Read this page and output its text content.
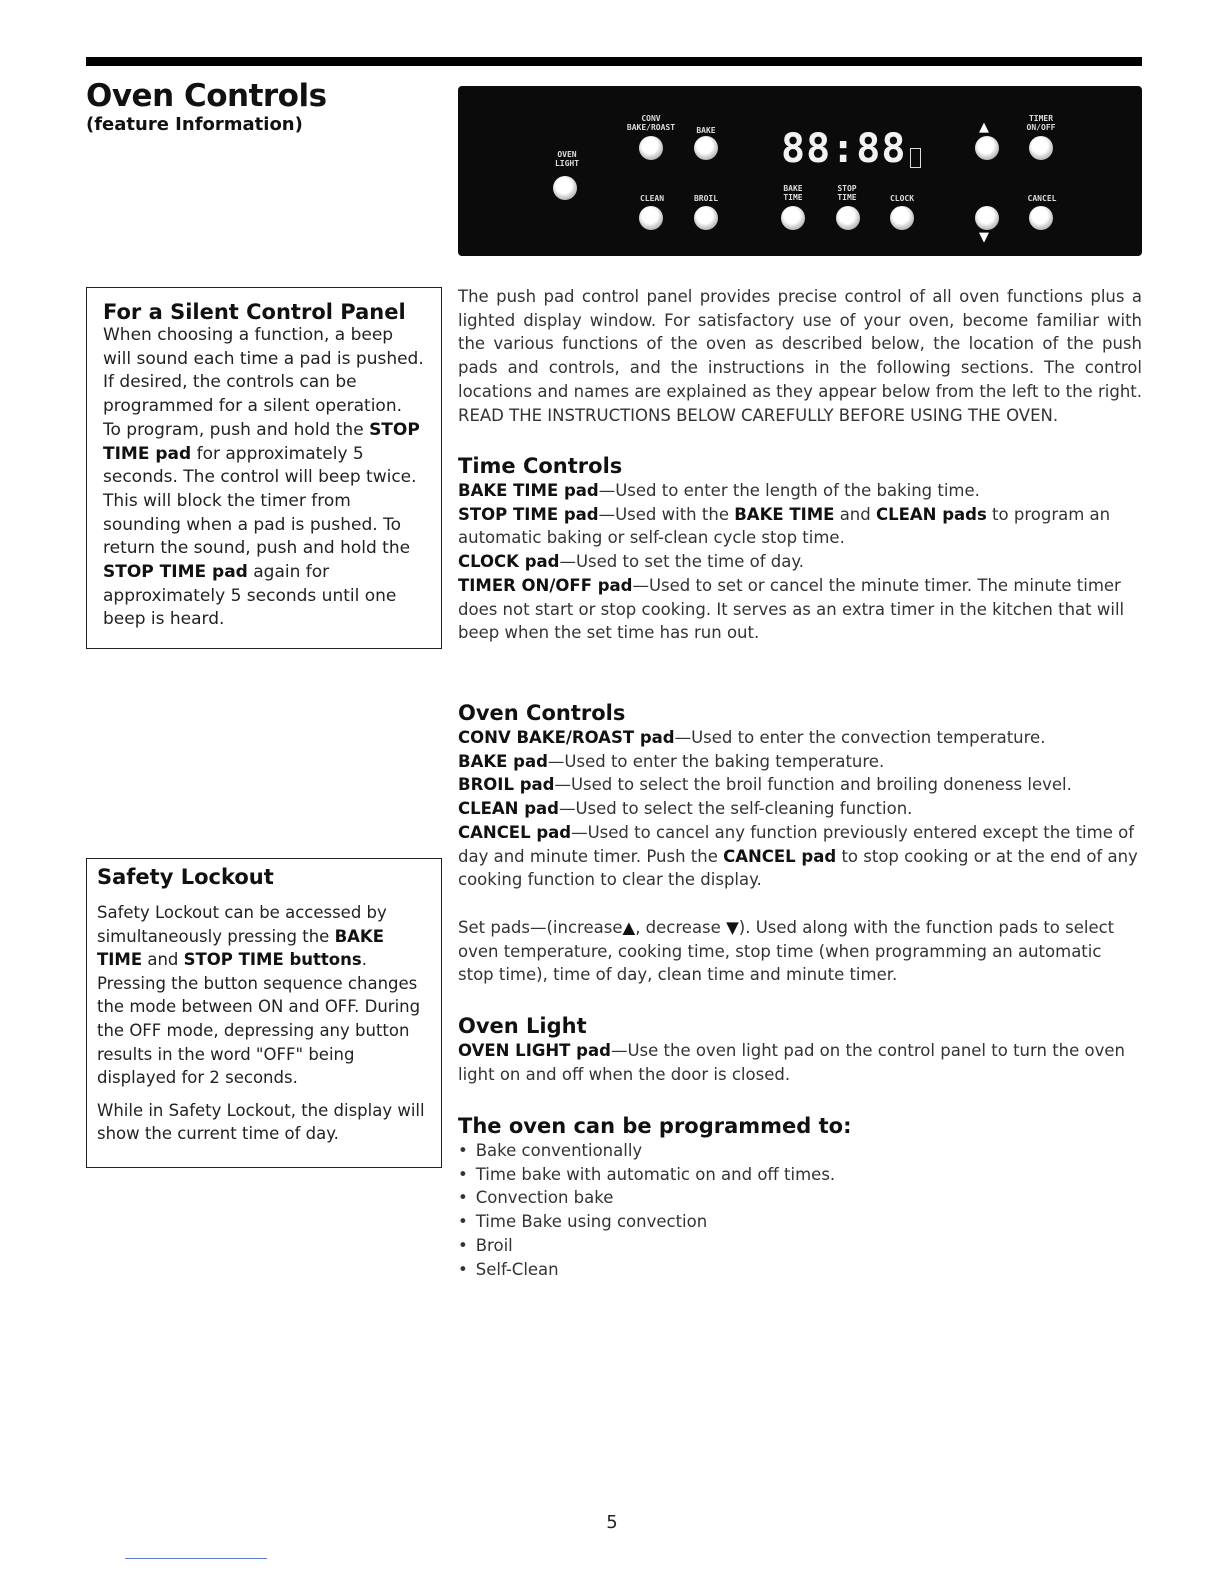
Oven Controls
(feature Information)
OVEN
LIGHT
CONV
BAKE/ROAST	BAKE
CLEAN	BROIL
88:88
BAKE
TIME
STOP
TIME	CLOCK
▲
▼
TIMER
ON/OFF
CANCEL
For a Silent Control Panel

When choosing a function, a beep will sound each time a pad is pushed. If desired, the controls can be programmed for a silent operation. To program, push and hold the STOP TIME pad for approximately 5 seconds. The control will beep twice. This will block the timer from sounding when a pad is pushed. To return the sound, push and hold the STOP TIME pad again for approximately 5 seconds until one beep is heard.

Safety Lockout

Safety Lockout can be accessed by simultaneously pressing the BAKE TIME and STOP TIME buttons. Pressing the button sequence changes the mode between ON and OFF. During the OFF mode, depressing any button results in the word "OFF" being displayed for 2 seconds.

While in Safety Lockout, the display will show the current time of day.

The push pad control panel provides precise control of all oven functions plus a lighted display window. For satisfactory use of your oven, become familiar with the various functions of the oven as described below, the location of the push pads and controls, and the instructions in the following sections. The control locations and names are explained as they appear below from the left to the right. READ THE INSTRUCTIONS BELOW CAREFULLY BEFORE USING THE OVEN.

Time Controls

BAKE TIME pad—Used to enter the length of the baking time.

STOP TIME pad—Used with the BAKE TIME and CLEAN pads to program an automatic baking or self-clean cycle stop time.

CLOCK pad—Used to set the time of day.

TIMER ON/OFF pad—Used to set or cancel the minute timer. The minute timer does not start or stop cooking. It serves as an extra timer in the kitchen that will beep when the set time has run out.

Oven Controls

CONV BAKE/ROAST pad—Used to enter the convection temperature.

BAKE pad—Used to enter the baking temperature.

BROIL pad—Used to select the broil function and broiling doneness level.

CLEAN pad—Used to select the self-cleaning function.

CANCEL pad—Used to cancel any function previously entered except the time of day and minute timer. Push the CANCEL pad to stop cooking or at the end of any cooking function to clear the display.

Set pads—(increase▲, decrease ▼). Used along with the function pads to select oven temperature, cooking time, stop time (when programming an automatic stop time), time of day, clean time and minute timer.

Oven Light

OVEN LIGHT pad—Use the oven light pad on the control panel to turn the oven light on and off when the door is closed.

The oven can be programmed to:
• Bake conventionally
• Time bake with automatic on and off times.
• Convection bake
• Time Bake using convection
• Broil
• Self-Clean
5
